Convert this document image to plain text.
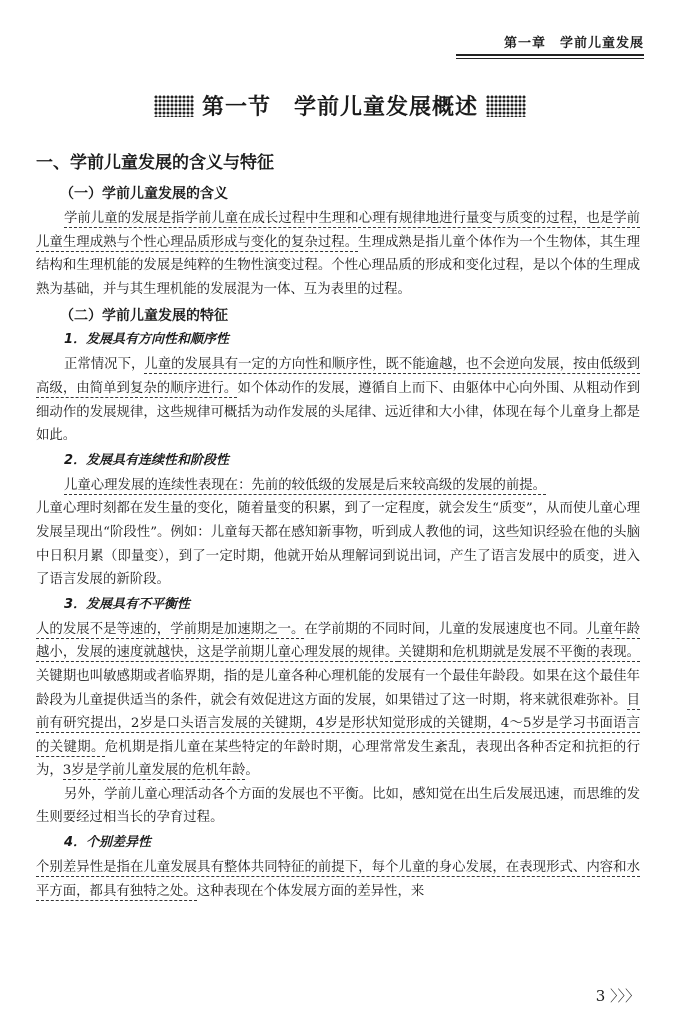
第一章　学前儿童发展
第一节　学前儿童发展概述
一、学前儿童发展的含义与特征
（一）学前儿童发展的含义

学前儿童的发展是指学前儿童在成长过程中生理和心理有规律地进行量变与质变的过程，也是学前儿童生理成熟与个性心理品质形成与变化的复杂过程。生理成熟是指儿童个体作为一个生物体，其生理结构和生理机能的发展是纯粹的生物性演变过程。个性心理品质的形成和变化过程，是以个体的生理成熟为基础，并与其生理机能的发展混为一体、互为表里的过程。

（二）学前儿童发展的特征
1．发展具有方向性和顺序性

正常情况下，儿童的发展具有一定的方向性和顺序性，既不能逾越，也不会逆向发展，按由低级到高级，由简单到复杂的顺序进行。如个体动作的发展，遵循自上而下、由躯体中心向外围、从粗动作到细动作的发展规律，这些规律可概括为动作发展的头尾律、远近律和大小律，体现在每个儿童身上都是如此。

2．发展具有连续性和阶段性

儿童心理发展的连续性表现在：先前的较低级的发展是后来较高级的发展的前提。

儿童心理时刻都在发生量的变化，随着量变的积累，到了一定程度，就会发生“质变”，从而使儿童心理发展呈现出“阶段性”。例如：儿童每天都在感知新事物，听到成人教他的词，这些知识经验在他的头脑中日积月累（即量变），到了一定时期，他就开始从理解词到说出词，产生了语言发展中的质变，进入了语言发展的新阶段。

3．发展具有不平衡性

人的发展不是等速的，学前期是加速期之一。在学前期的不同时间，儿童的发展速度也不同。儿童年龄越小，发展的速度就越快，这是学前期儿童心理发展的规律。关键期和危机期就是发展不平衡的表现。关键期也叫敏感期或者临界期，指的是儿童各种心理机能的发展有一个最佳年龄段。如果在这个最佳年龄段为儿童提供适当的条件，就会有效促进这方面的发展，如果错过了这一时期，将来就很难弥补。目前有研究提出，2岁是口头语言发展的关键期，4岁是形状知觉形成的关键期，4～5岁是学习书面语言的关键期。危机期是指儿童在某些特定的年龄时期，心理常常发生紊乱，表现出各种否定和抗拒的行为，3岁是学前儿童发展的危机年龄。

另外，学前儿童心理活动各个方面的发展也不平衡。比如，感知觉在出生后发展迅速，而思维的发生则要经过相当长的孕育过程。

4．个别差异性

个别差异性是指在儿童发展具有整体共同特征的前提下，每个儿童的身心发展，在表现形式、内容和水平方面，都具有独特之处。这种表现在个体发展方面的差异性，来

3 〉〉〉
